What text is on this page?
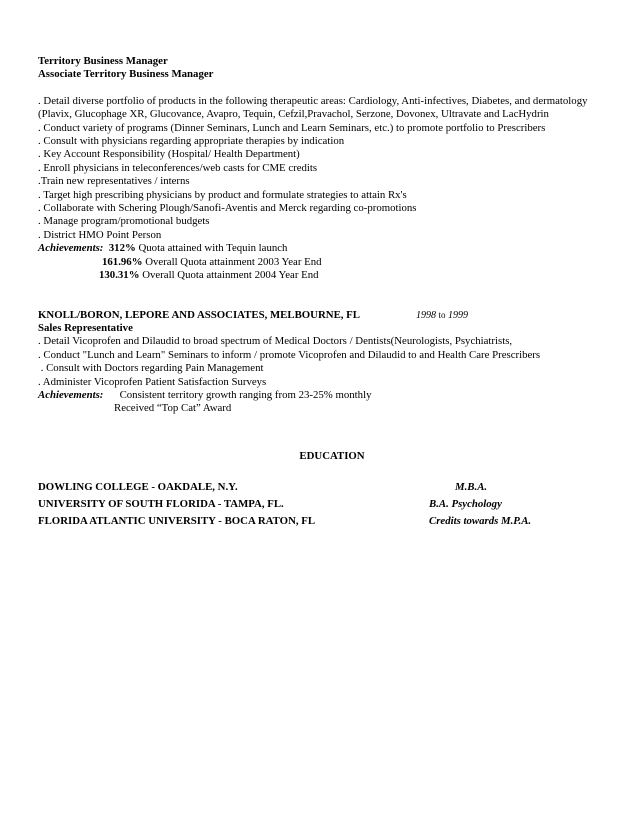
Territory Business Manager
Associate Territory Business Manager
. Detail diverse portfolio of products in the following therapeutic areas: Cardiology, Anti-infectives, Diabetes, and dermatology (Plavix, Glucophage XR, Glucovance, Avapro, Tequin, Cefzil,Pravachol, Serzone, Dovonex, Ultravate and LacHydrin
. Conduct variety of programs (Dinner Seminars, Lunch and Learn Seminars, etc.) to promote portfolio to Prescribers
. Consult with physicians regarding appropriate therapies by indication
. Key Account Responsibility (Hospital/ Health Department)
. Enroll physicians in teleconferences/web casts for CME credits
.Train new representatives / interns
. Target high prescribing physicians by product and formulate strategies to attain Rx's
. Collaborate with Schering Plough/Sanofi-Aventis and Merck regarding co-promotions
. Manage program/promotional budgets
. District HMO Point Person
Achievements: 312% Quota attained with Tequin launch
161.96% Overall Quota attainment 2003 Year End
130.31% Overall Quota attainment 2004 Year End
KNOLL/BORON, LEPORE AND ASSOCIATES, MELBOURNE, FL	1998 to 1999
Sales Representative
. Detail Vicoprofen and Dilaudid to broad spectrum of Medical Doctors / Dentists(Neurologists, Psychiatrists,
. Conduct "Lunch and Learn" Seminars to inform / promote Vicoprofen and Dilaudid to and Health Care Prescribers
. Consult with Doctors regarding Pain Management
. Administer Vicoprofen Patient Satisfaction Surveys
Achievements: Consistent territory growth ranging from 23-25% monthly
Received “Top Cat” Award
EDUCATION
DOWLING COLLEGE - OAKDALE, N.Y.	M.B.A.
UNIVERSITY OF SOUTH FLORIDA - TAMPA, FL.	B.A. Psychology
FLORIDA ATLANTIC UNIVERSITY - BOCA RATON, FL	Credits towards M.P.A.
